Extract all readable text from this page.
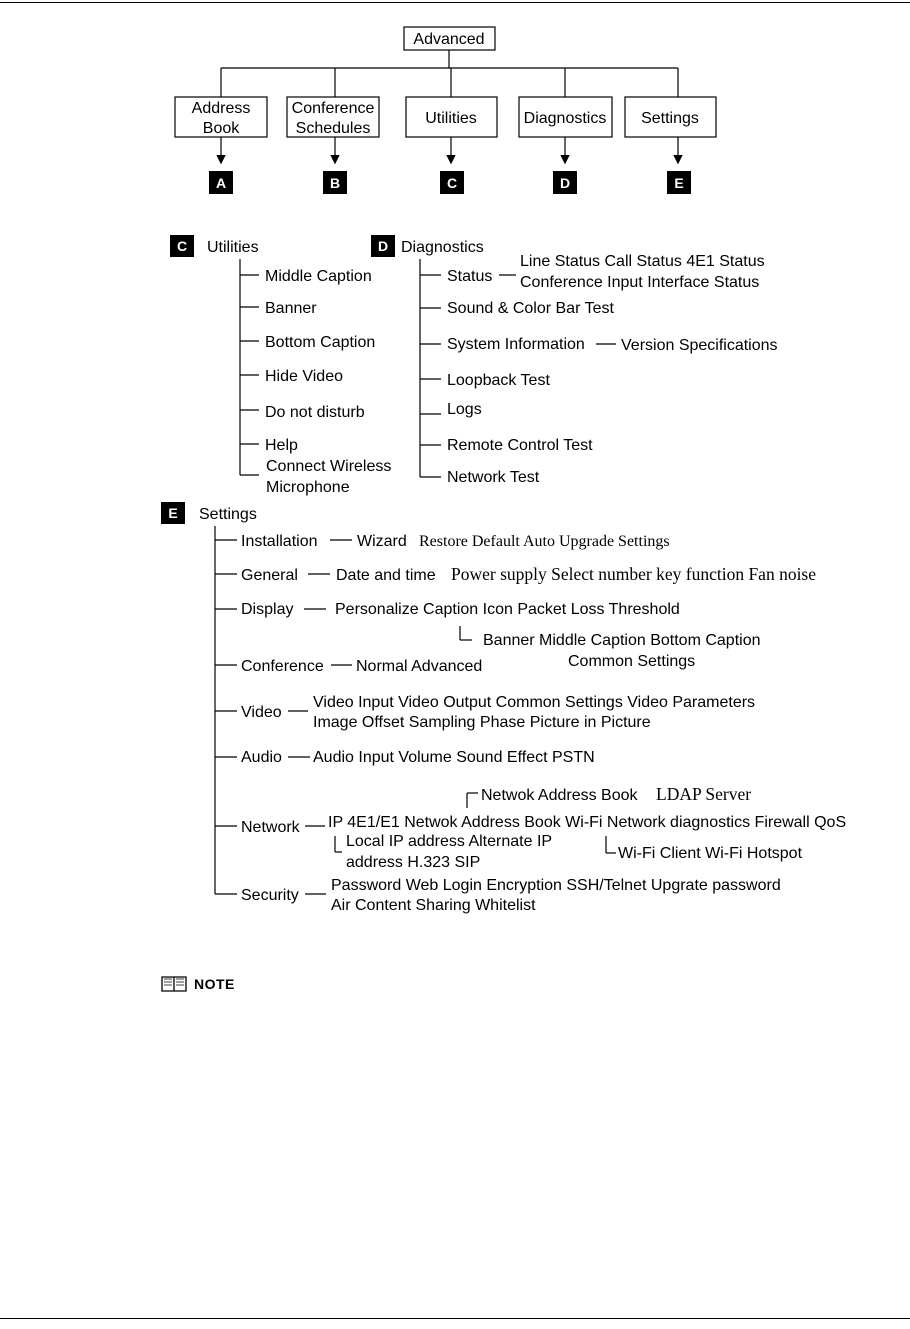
Advanced
Address
Book
A
Conference
Schedules
B
Utilities
C
Diagnostics
D
Settings
E
C Utilities
Middle Caption
Banner
Bottom Caption
Hide Video
Do not disturb
Help
Connect Wireless
Microphone
D Diagnostics
Status
Line Status Call Status 4E1 Status
Conference Input Interface Status
Sound & Color Bar Test
System Information Version Specifications
Loopback Test
Logs
Remote Control Test
Network Test
E Settings
Installation Wizard Restore Default Auto Upgrade Settings
General Date and time Power supply Select number key function Fan noise
Display	Personalize Caption Icon Packet Loss Threshold
Banner Middle Caption Bottom Caption
Common Settings
Conference Normal Advanced
Video
Video Input Video Output Common Settings Video Parameters
Image Offset Sampling Phase Picture in Picture
Audio Audio Input Volume Sound Effect PSTN
Netwok Address Book LDAP Server
Network IP 4E1/E1 Netwok Address Book Wi-Fi Network diagnostics Firewall QoS
Local IP address Alternate IP
address H.323 SIP
Wi-Fi Client Wi-Fi Hotspot
Security
Password Web Login Encryption SSH/Telnet Upgrate password
Air Content Sharing Whitelist
NOTE
